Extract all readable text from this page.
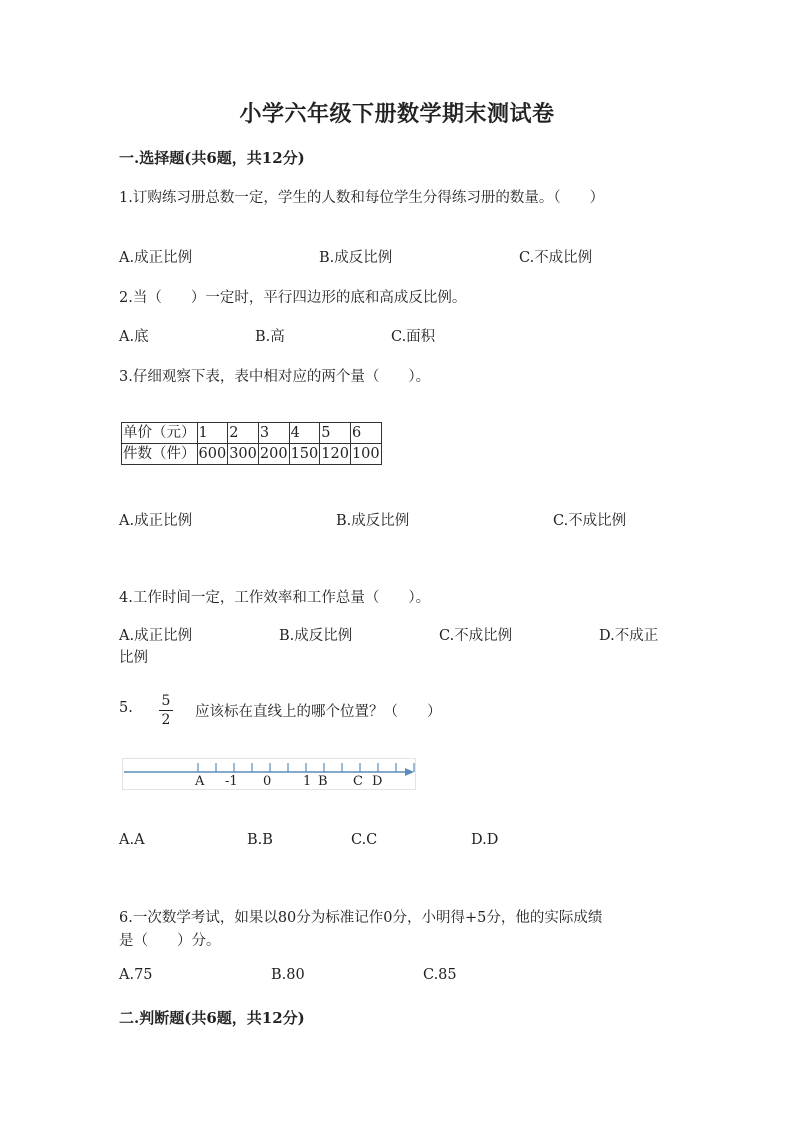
小学六年级下册数学期末测试卷
一.选择题(共6题，共12分)
1.订购练习册总数一定，学生的人数和每位学生分得练习册的数量。（　　）
A.成正比例	B.成反比例	C.不成比例
2.当（　　）一定时，平行四边形的底和高成反比例。
A.底	B.高	C.面积
3.仔细观察下表，表中相对应的两个量（　　）。
单价（元）	1	2	3	4	5	6
件数（件）	600	300	200	150	120	100
A.成正比例	B.成反比例	C.不成比例
4.工作时间一定，工作效率和工作总量（　　）。
A.成正比例	B.成反比例	C.不成比例	D.不成正
比例
5. 5
2 应该标在直线上的哪个位置？（　　）
A -1 0 1 B C D
A.A	B.B	C.C	D.D
6.一次数学考试，如果以80分为标准记作0分，小明得+5分，他的实际成绩
是（　　）分。
A.75	B.80	C.85
二.判断题(共6题，共12分)
